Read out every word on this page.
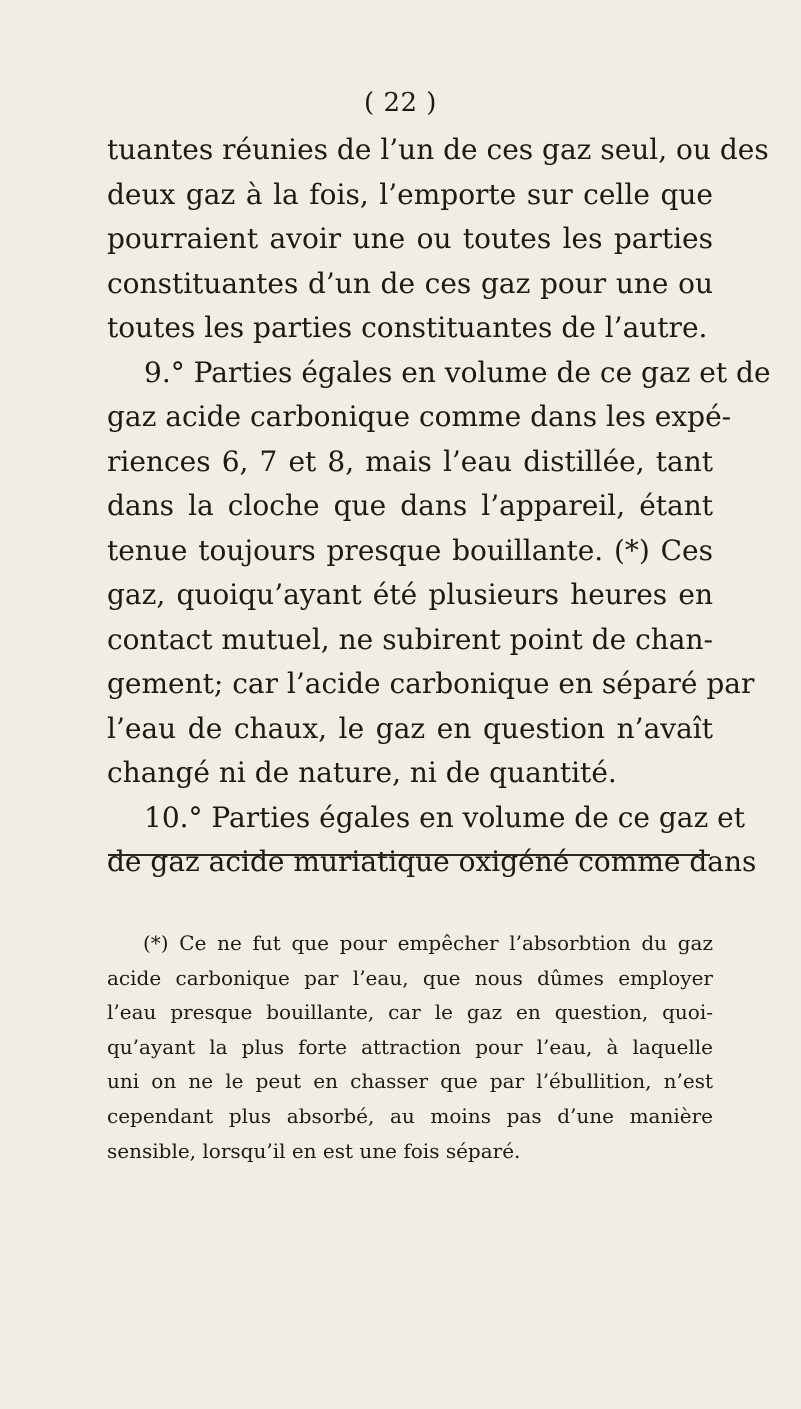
( 22 )
tuantes réunies de l’un de ces gaz seul, ou des
deux gaz à la fois, l’emporte sur celle que
pourraient avoir une ou toutes les parties
constituantes d’un de ces gaz pour une ou
toutes les parties constituantes de l’autre.
9.° Parties égales en volume de ce gaz et de
gaz acide carbonique comme dans les expé-
riences 6, 7 et 8, mais l’eau distillée, tant
dans la cloche que dans l’appareil, étant
tenue toujours presque bouillante. (*) Ces
gaz, quoiqu’ayant été plusieurs heures en
contact mutuel, ne subirent point de chan-
gement; car l’acide carbonique en séparé par
l’eau de chaux, le gaz en question n’avaît
changé ni de nature, ni de quantité.
10.° Parties égales en volume de ce gaz et
de gaz acide muriatique oxigéné comme dans
(*) Ce ne fut que pour empêcher l’absorbtion du gaz
acide carbonique par l’eau, que nous dûmes employer
l’eau presque bouillante, car le gaz en question, quoi-
qu’ayant la plus forte attraction pour l’eau, à laquelle
uni on ne le peut en chasser que par l’ébullition, n’est
cependant plus absorbé, au moins pas d’une manière
sensible, lorsqu’il en est une fois séparé.
